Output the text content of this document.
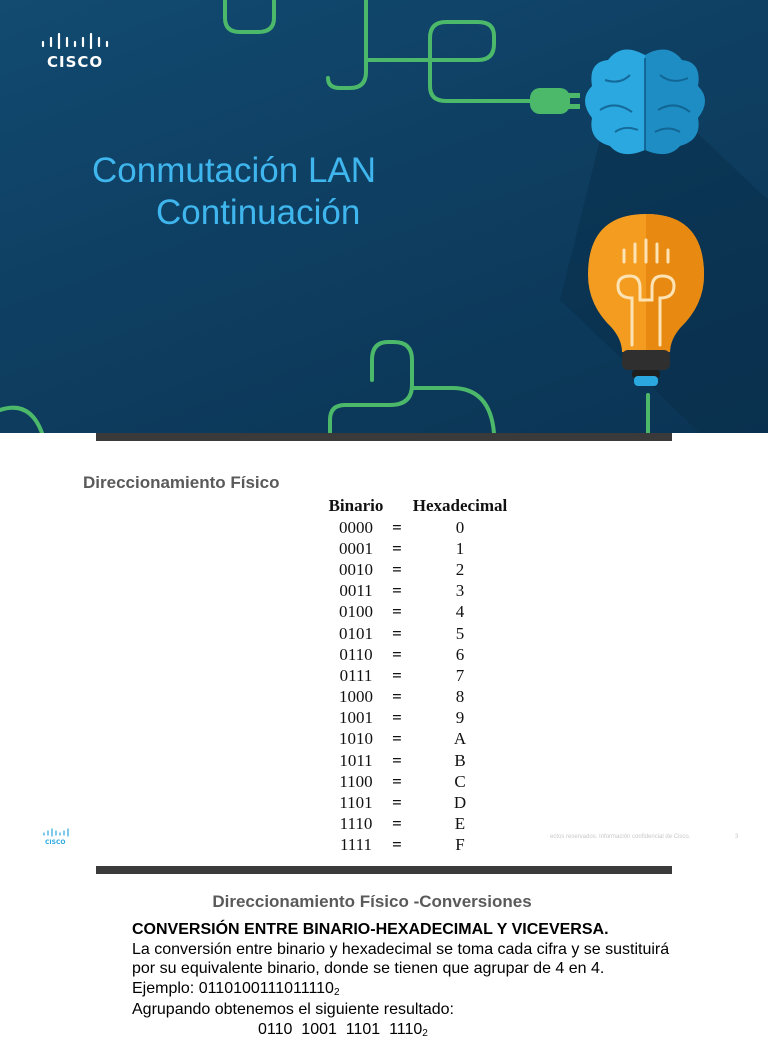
CISCO
Conmutación LAN
Continuación
Direccionamiento Físico
Binario		Hexadecimal
0000	=	0
0001	=	1
0010	=	2
0011	=	3
0100	=	4
0101	=	5
0110	=	6
0111	=	7
1000	=	8
1001	=	9
1010	=	A
1011	=	B
1100	=	C
1101	=	D
1110	=	E
1111	=	F
CISCO
ectos reservados. Información confidencial de Cisco.	3
Direccionamiento Físico -Conversiones

CONVERSIÓN ENTRE BINARIO-HEXADECIMAL Y VICEVERSA.

La conversión entre binario y hexadecimal se toma cada cifra y se sustituirá por su equivalente binario, donde se tienen que agrupar de 4 en 4.

Ejemplo: $0110100111011110_2$

Agrupando obtenemos el siguiente resultado:

0110  1001  1101  $1110_2$
